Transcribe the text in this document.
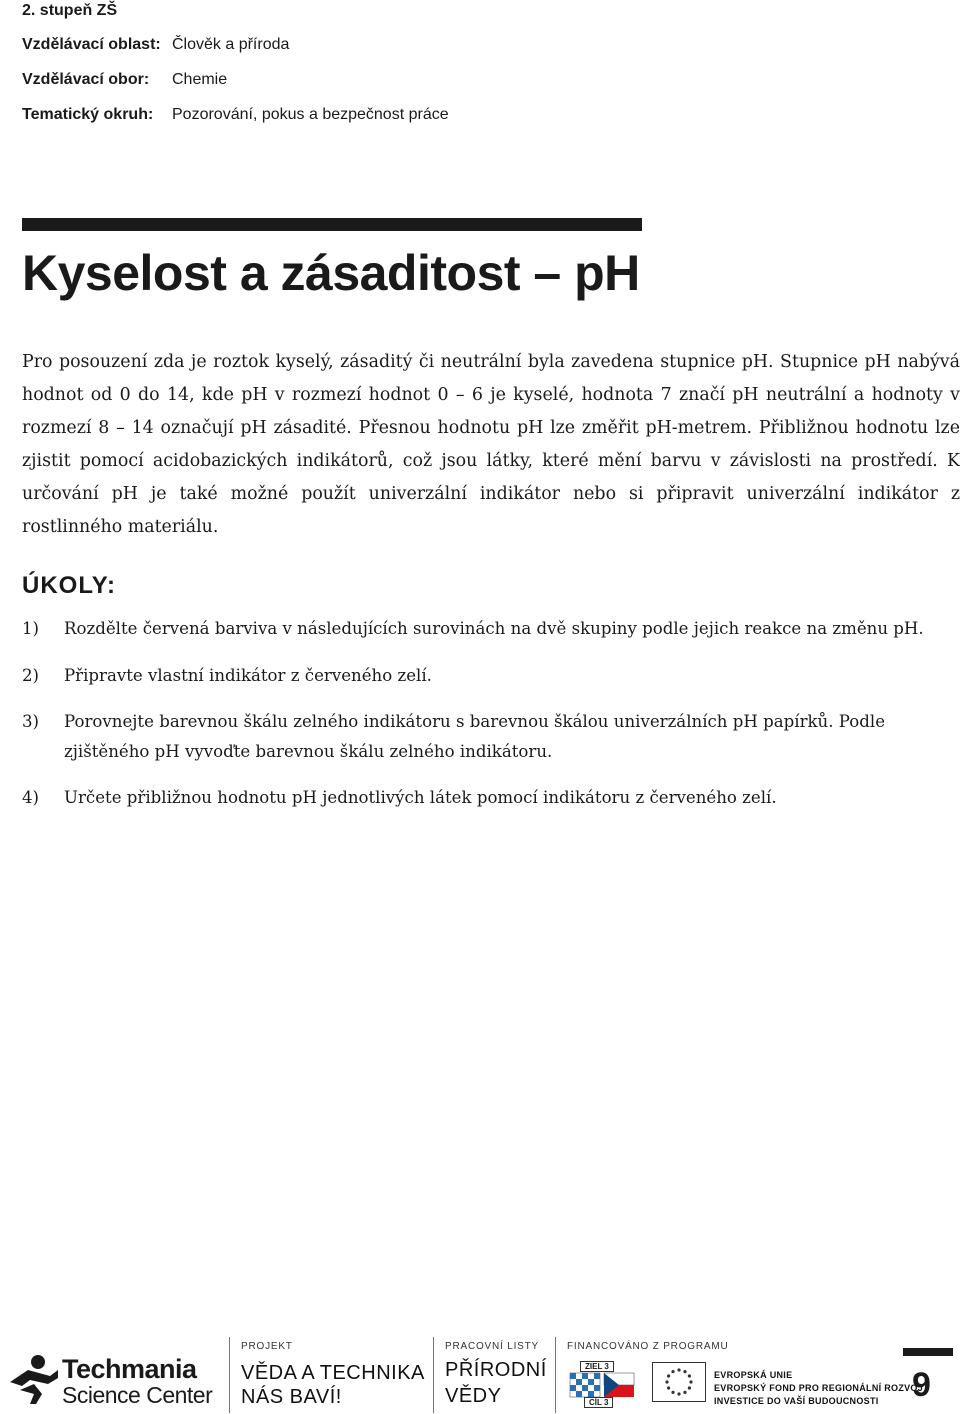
2. stupeň ZŠ
Vzdělávací oblast: Člověk a příroda
Vzdělávací obor: Chemie
Tematický okruh: Pozorování, pokus a bezpečnost práce
Kyselost a zásaditost – pH

Pro posouzení zda je roztok kyselý, zásaditý či neutrální byla zavedena stupnice pH. Stupnice pH nabývá hodnot od 0 do 14, kde pH v rozmezí hodnot 0 – 6 je kyselé, hodnota 7 značí pH neutrální a hodnoty v rozmezí 8 – 14 označují pH zásadité. Přesnou hodnotu pH lze změřit pH-metrem. Přibližnou hodnotu lze zjistit pomocí acidobazických indikátorů, což jsou látky, které mění barvu v závislosti na prostředí. K určování pH je také možné použít univerzální indikátor nebo si připravit univerzální indikátor z rostlinného materiálu.

ÚKOLY:
1)	Rozdělte červená barviva v následujících surovinách na dvě skupiny podle jejich reakce na změnu pH.
2)	Připravte vlastní indikátor z červeného zelí.
3)	Porovnejte barevnou škálu zelného indikátoru s barevnou škálou univerzálních pH papírků. Podle zjištěného pH vyvoďte barevnou škálu zelného indikátoru.
4)	Určete přibližnou hodnotu pH jednotlivých látek pomocí indikátoru z červeného zelí.
Techmania
Science Center
PROJEKT
VĚDA A TECHNIKA
NÁS BAVÍ!
PRACOVNÍ LISTY
PŘÍRODNÍ
VĚDY
FINANCOVÁNO Z PROGRAMU
ZIEL 3
CÍL 3
EVROPSKÁ UNIE
EVROPSKÝ FOND PRO REGIONÁLNÍ ROZVOJ
INVESTICE DO VAŠÍ BUDOUCNOSTI 9
